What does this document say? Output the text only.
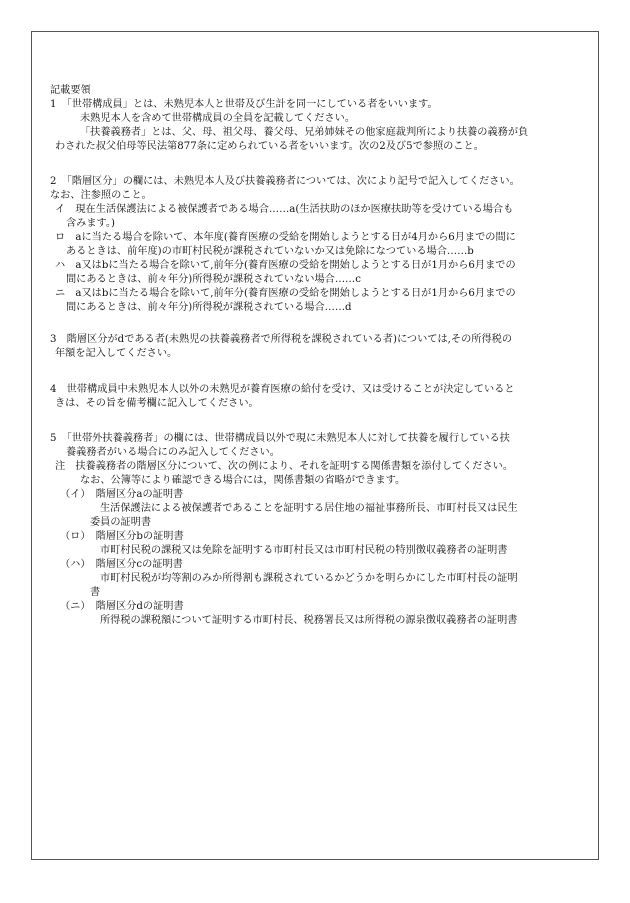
記載要領
1　「世帯構成員」とは、未熟児本人と世帯及び生計を同一にしている者をいいます。
未熟児本人を含めて世帯構成員の全員を記載してください。
「扶養義務者」とは、父、母、祖父母、養父母、兄弟姉妹その他家庭裁判所により扶養の義務が負
わされた叔父伯母等民法第877条に定められている者をいいます。次の2及び5で参照のこと。
2　「階層区分」の欄には、未熟児本人及び扶養義務者については、次により記号で記入してください。
なお、注参照のこと。
イ　現在生活保護法による被保護者である場合……a(生活扶助のほか医療扶助等を受けている場合も
含みます。)
ロ　aに当たる場合を除いて、本年度(養育医療の受給を開始しようとする日が4月から6月までの間に
あるときは、前年度)の市町村民税が課税されていないか又は免除になつている場合……b
ハ　a又はbに当たる場合を除いて,前年分(養育医療の受給を開始しようとする日が1月から6月までの
間にあるときは、前々年分)所得税が課税されていない場合……c
ニ　a又はbに当たる場合を除いて,前年分(養育医療の受給を開始しようとする日が1月から6月までの
間にあるときは、前々年分)所得税が課税されている場合……d
3　階層区分がdである者(未熟児の扶養義務者で所得税を課税されている者)については,その所得税の
年額を記入してください。
4　世帯構成員中未熟児本人以外の未熟児が養育医療の給付を受け、又は受けることが決定していると
きは、その旨を備考欄に記入してください。
5　「世帯外扶養義務者」の欄には、世帯構成員以外で現に未熟児本人に対して扶養を履行している扶
養義務者がいる場合にのみ記入してください。
注　扶養義務者の階層区分について、次の例により、それを証明する関係書類を添付してください。
なお、公簿等により確認できる場合には，関係書類の省略ができます。
（イ）　階層区分aの証明書
生活保護法による被保護者であることを証明する居住地の福祉事務所長、市町村長又は民生
委員の証明書
（ロ）　階層区分bの証明書
市町村民税の課税又は免除を証明する市町村長又は市町村民税の特別徴収義務者の証明書
（ハ）　階層区分cの証明書
市町村民税が均等割のみか所得割も課税されているかどうかを明らかにした市町村長の証明
書
（ニ）　階層区分dの証明書
所得税の課税額について証明する市町村長、税務署長又は所得税の源泉徴収義務者の証明書
